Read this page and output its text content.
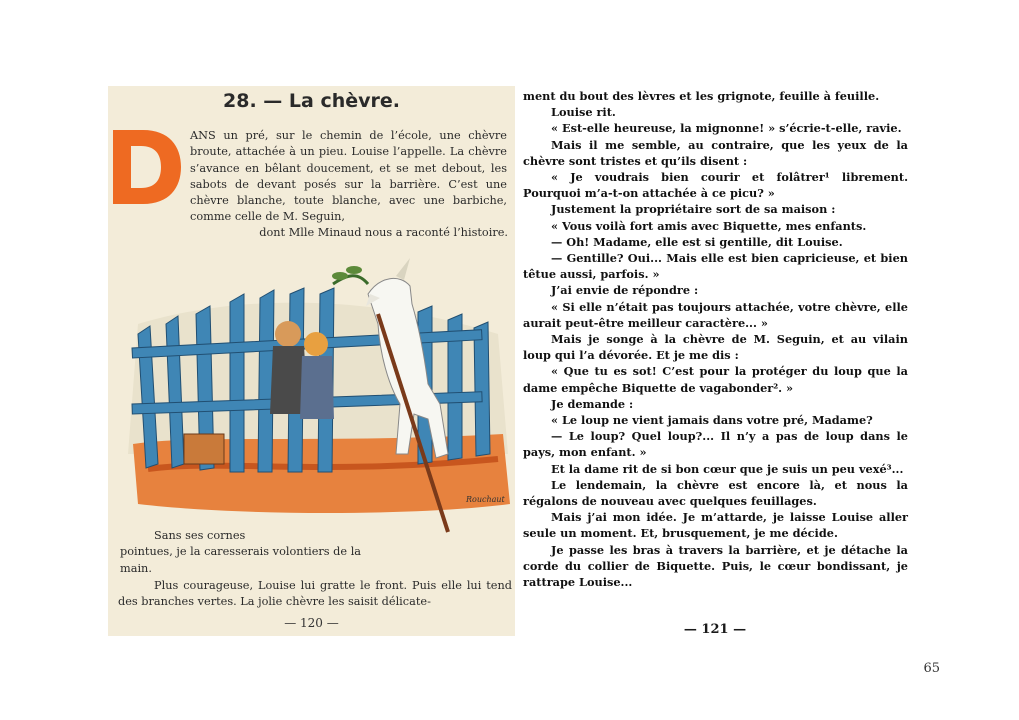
28. — La chèvre.
D

ANS un pré, sur le chemin de l’école, une chèvre broute, attachée à un pieu. Louise l’appelle. La chèvre s’avance en bêlant doucement, et se met debout, les sabots de devant posés sur la barrière. C’est une chèvre blanche, toute blanche, avec une barbiche, comme celle de M. Seguin,

dont Mlle Minaud nous a raconté l’histoire.

Rouchaut

Sans ses cornes
pointues, je la caresserais volontiers de la main.

Plus courageuse, Louise lui gratte le front. Puis elle lui tend des branches vertes. La jolie chèvre les saisit délicate-

— 120 —

ment du bout des lèvres et les grignote, feuille à feuille.

Louise rit.

« Est-elle heureuse, la mignonne! » s’écrie-t-elle, ravie.

Mais il me semble, au contraire, que les yeux de la chèvre sont tristes et qu’ils disent :

« Je voudrais bien courir et folâtrer¹ librement. Pourquoi m’a-t-on attachée à ce picu? »

Justement la propriétaire sort de sa maison :

« Vous voilà fort amis avec Biquette, mes enfants.

— Oh! Madame, elle est si gentille, dit Louise.

— Gentille? Oui... Mais elle est bien capricieuse, et bien têtue aussi, parfois. »

J’ai envie de répondre :

« Si elle n’était pas toujours attachée, votre chèvre, elle aurait peut-être meilleur caractère... »

Mais je songe à la chèvre de M. Seguin, et au vilain loup qui l’a dévorée. Et je me dis :

« Que tu es sot! C’est pour la protéger du loup que la dame empêche Biquette de vagabonder². »

Je demande :

« Le loup ne vient jamais dans votre pré, Madame?

— Le loup? Quel loup?... Il n’y a pas de loup dans le pays, mon enfant. »

Et la dame rit de si bon cœur que je suis un peu vexé³...

Le lendemain, la chèvre est encore là, et nous la régalons de nouveau avec quelques feuillages.

Mais j’ai mon idée. Je m’attarde, je laisse Louise aller seule un moment. Et, brusquement, je me décide.

Je passe les bras à travers la barrière, et je détache la corde du collier de Biquette. Puis, le cœur bondissant, je rattrape Louise...

— 121 —
65
